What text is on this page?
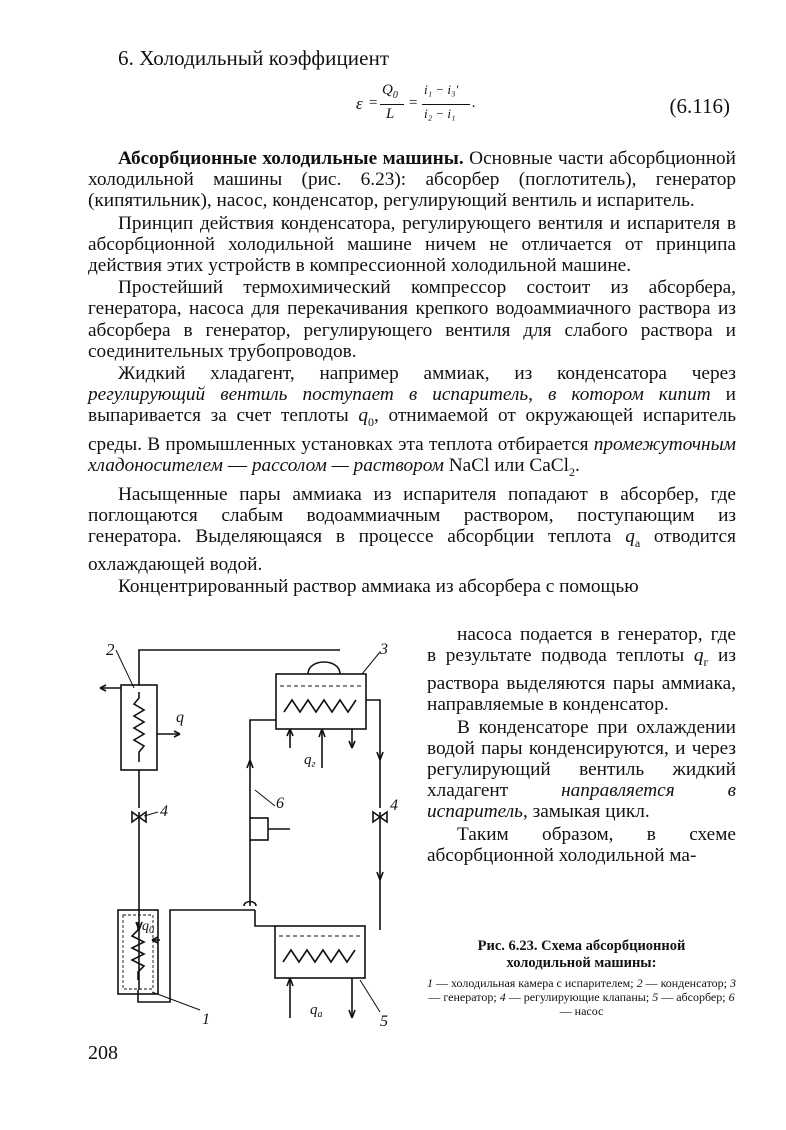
6. Холодильный коэффициент
ε =
$Q_0$
L
=
i₁ − i₃′
i₂ − i₁
.	(6.116)

Абсорбционные холодильные машины. Основные части абсорбционной холодильной машины (рис. 6.23): абсорбер (поглотитель), генератор (кипятильник), насос, конденсатор, регулирующий вентиль и испаритель.

Принцип действия конденсатора, регулирующего вентиля и испарителя в абсорбционной холодильной машине ничем не отличается от принципа действия этих устройств в компрессионной холодильной машине.

Простейший термохимический компрессор состоит из абсорбера, генератора, насоса для перекачивания крепкого водоаммиачного раствора из абсорбера в генератор, регулирующего вентиля для слабого раствора и соединительных трубопроводов.

Жидкий хладагент, например аммиак, из конденсатора через регулирующий вентиль поступает в испаритель, в котором кипит и выпаривается за счет теплоты $q_0$, отнимаемой от окружающей испаритель среды. В промышленных установках эта теплота отбирается промежуточным хладоносителем — рассолом — раствором NaCl или CaCl$_2$.

Насыщенные пары аммиака из испарителя попадают в абсорбер, где поглощаются слабым водоаммиачным раствором, поступающим из генератора. Выделяющаяся в процессе абсорбции теплота $q_а$ отводится охлаждающей водой.

Концентрированный раствор аммиака из абсорбера с помощью

насоса подается в генератор, где в результате подвода теплоты $q_г$ из раствора выделяются пары аммиака, направляемые в конденсатор.

В конденсаторе при охлаждении водой пары конденсируются, и через регулирующий вентиль жидкий хладагент направляется в испаритель, замыкая цикл.

Таким образом, в схеме абсорбционной холодильной ма-

2
q
4
$q_0$
1
$q_г$
3
6	4
$q_а$	5
Рис. 6.23. Схема абсорбционной
холодильной машины:
1 — холодильная камера с испарителем; 2 — конденсатор; 3 — генератор; 4 — регулирующие клапаны; 5 — абсорбер; 6 — насос
208
